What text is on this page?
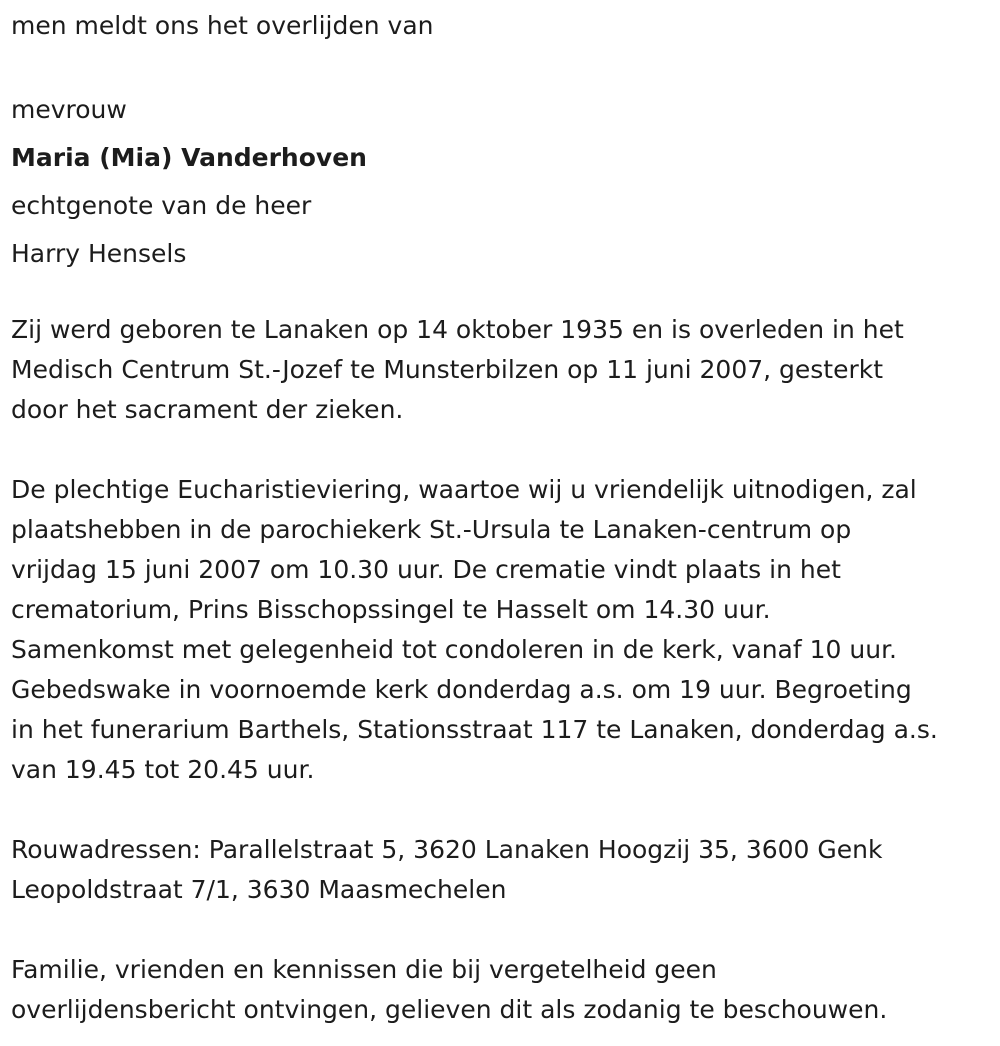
men meldt ons het overlijden van

mevrouw

Maria (Mia) Vanderhoven

echtgenote van de heer

Harry Hensels

Zij werd geboren te Lanaken op 14 oktober 1935 en is overleden in het

Medisch Centrum St.-Jozef te Munsterbilzen op 11 juni 2007, gesterkt

door het sacrament der zieken.

De plechtige Eucharistieviering, waartoe wij u vriendelijk uitnodigen, zal

plaatshebben in de parochiekerk St.-Ursula te Lanaken-centrum op

vrijdag 15 juni 2007 om 10.30 uur. De crematie vindt plaats in het

crematorium, Prins Bisschopssingel te Hasselt om 14.30 uur.

Samenkomst met gelegenheid tot condoleren in de kerk, vanaf 10 uur.

Gebedswake in voornoemde kerk donderdag a.s. om 19 uur. Begroeting

in het funerarium Barthels, Stationsstraat 117 te Lanaken, donderdag a.s.

van 19.45 tot 20.45 uur.

Rouwadressen: Parallelstraat 5, 3620 Lanaken Hoogzij 35, 3600 Genk

Leopoldstraat 7/1, 3630 Maasmechelen

Familie, vrienden en kennissen die bij vergetelheid geen

overlijdensbericht ontvingen, gelieven dit als zodanig te beschouwen.
